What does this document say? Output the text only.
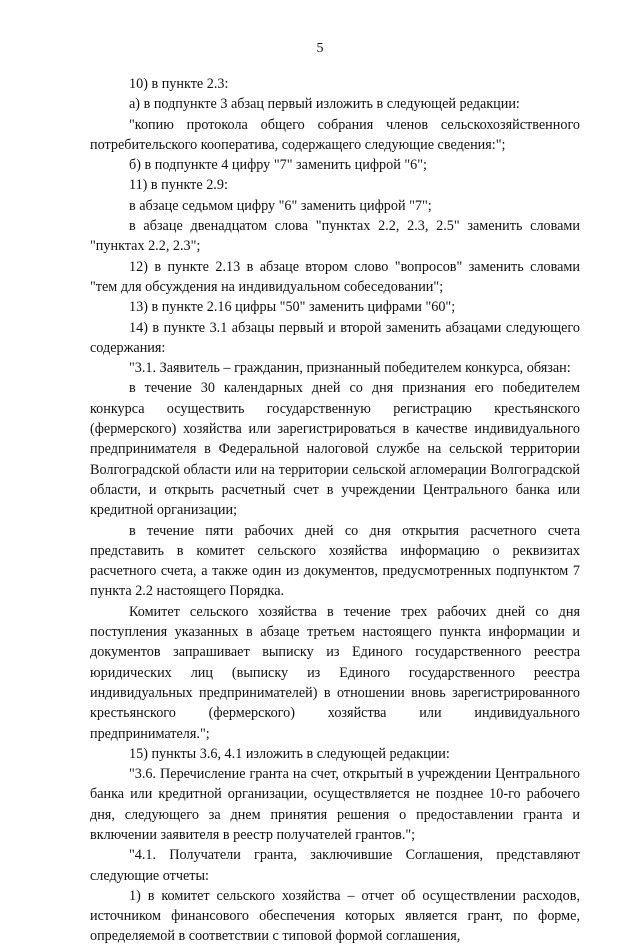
5

10) в пункте 2.3:

а) в подпункте 3 абзац первый изложить в следующей редакции:

"копию протокола общего собрания членов сельскохозяйственного потребительского кооператива, содержащего следующие сведения:";

б) в подпункте 4 цифру "7" заменить цифрой "6";

11) в пункте 2.9:

в абзаце седьмом цифру "6" заменить цифрой "7";

в абзаце двенадцатом слова "пунктах 2.2, 2.3, 2.5" заменить словами "пунктах 2.2, 2.3";

12) в пункте 2.13 в абзаце втором слово "вопросов" заменить словами "тем для обсуждения на индивидуальном собеседовании";

13) в пункте 2.16 цифры "50" заменить цифрами "60";

14) в пункте 3.1 абзацы первый и второй заменить абзацами следующего содержания:

"3.1. Заявитель – гражданин, признанный победителем конкурса, обязан:

в течение 30 календарных дней со дня признания его победителем конкурса осуществить государственную регистрацию крестьянского (фермерского) хозяйства или зарегистрироваться в качестве индивидуального предпринимателя в Федеральной налоговой службе на сельской территории Волгоградской области или на территории сельской агломерации Волгоградской области, и открыть расчетный счет в учреждении Центрального банка или кредитной организации;

в течение пяти рабочих дней со дня открытия расчетного счета представить в комитет сельского хозяйства информацию о реквизитах расчетного счета, а также один из документов, предусмотренных подпунктом 7 пункта 2.2 настоящего Порядка.

Комитет сельского хозяйства в течение трех рабочих дней со дня поступления указанных в абзаце третьем настоящего пункта информации и документов запрашивает выписку из Единого государственного реестра юридических лиц (выписку из Единого государственного реестра индивидуальных предпринимателей) в отношении вновь зарегистрированного крестьянского (фермерского) хозяйства или индивидуального предпринимателя.";

15) пункты 3.6, 4.1 изложить в следующей редакции:

"3.6. Перечисление гранта на счет, открытый в учреждении Центрального банка или кредитной организации, осуществляется не позднее 10-го рабочего дня, следующего за днем принятия решения о предоставлении гранта и включении заявителя в реестр получателей грантов.";

"4.1. Получатели гранта, заключившие Соглашения, представляют следующие отчеты:

1) в комитет сельского хозяйства – отчет об осуществлении расходов, источником финансового обеспечения которых является грант, по форме, определяемой в соответствии с типовой формой соглашения,
